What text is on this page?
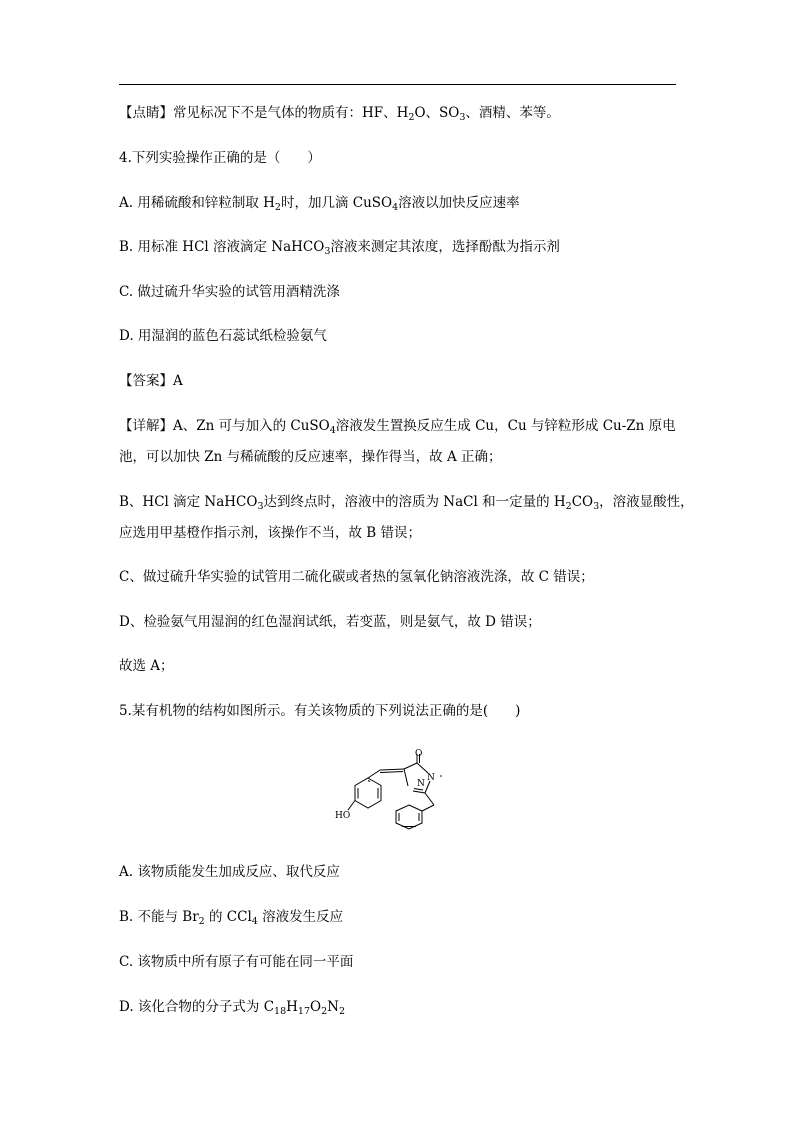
【点睛】常见标况下不是气体的物质有：HF、$H_2O$、$SO_3$、酒精、苯等。
4.下列实验操作正确的是（　　）
A. 用稀硫酸和锌粒制取 $H_2$时，加几滴 CuSO$_4$溶液以加快反应速率
B. 用标准 HCl 溶液滴定 NaHCO$_3$溶液来测定其浓度，选择酚酞为指示剂
C. 做过硫升华实验的试管用酒精洗涤
D. 用湿润的蓝色石蕊试纸检验氨气
【答案】A
【详解】A、Zn 可与加入的 CuSO$_4$溶液发生置换反应生成 Cu，Cu 与锌粒形成 Cu-Zn 原电
池，可以加快 Zn 与稀硫酸的反应速率，操作得当，故 A 正确；
B、HCl 滴定 NaHCO$_3$达到终点时，溶液中的溶质为 NaCl 和一定量的 $H_2CO_3$，溶液显酸性，
应选用甲基橙作指示剂，该操作不当，故 B 错误；
C、做过硫升华实验的试管用二硫化碳或者热的氢氧化钠溶液洗涤，故 C 错误；
D、检验氨气用湿润的红色湿润试纸，若变蓝，则是氨气，故 D 错误；
故选 A；
5.某有机物的结构如图所示。有关该物质的下列说法正确的是(　　)
O
N
N
HO
A. 该物质能发生加成反应、取代反应
B. 不能与 $Br_2$ 的 CCl$_4$ 溶液发生反应
C. 该物质中所有原子有可能在同一平面
D. 该化合物的分子式为 $C_{18}H_{17}O_2N_2$
